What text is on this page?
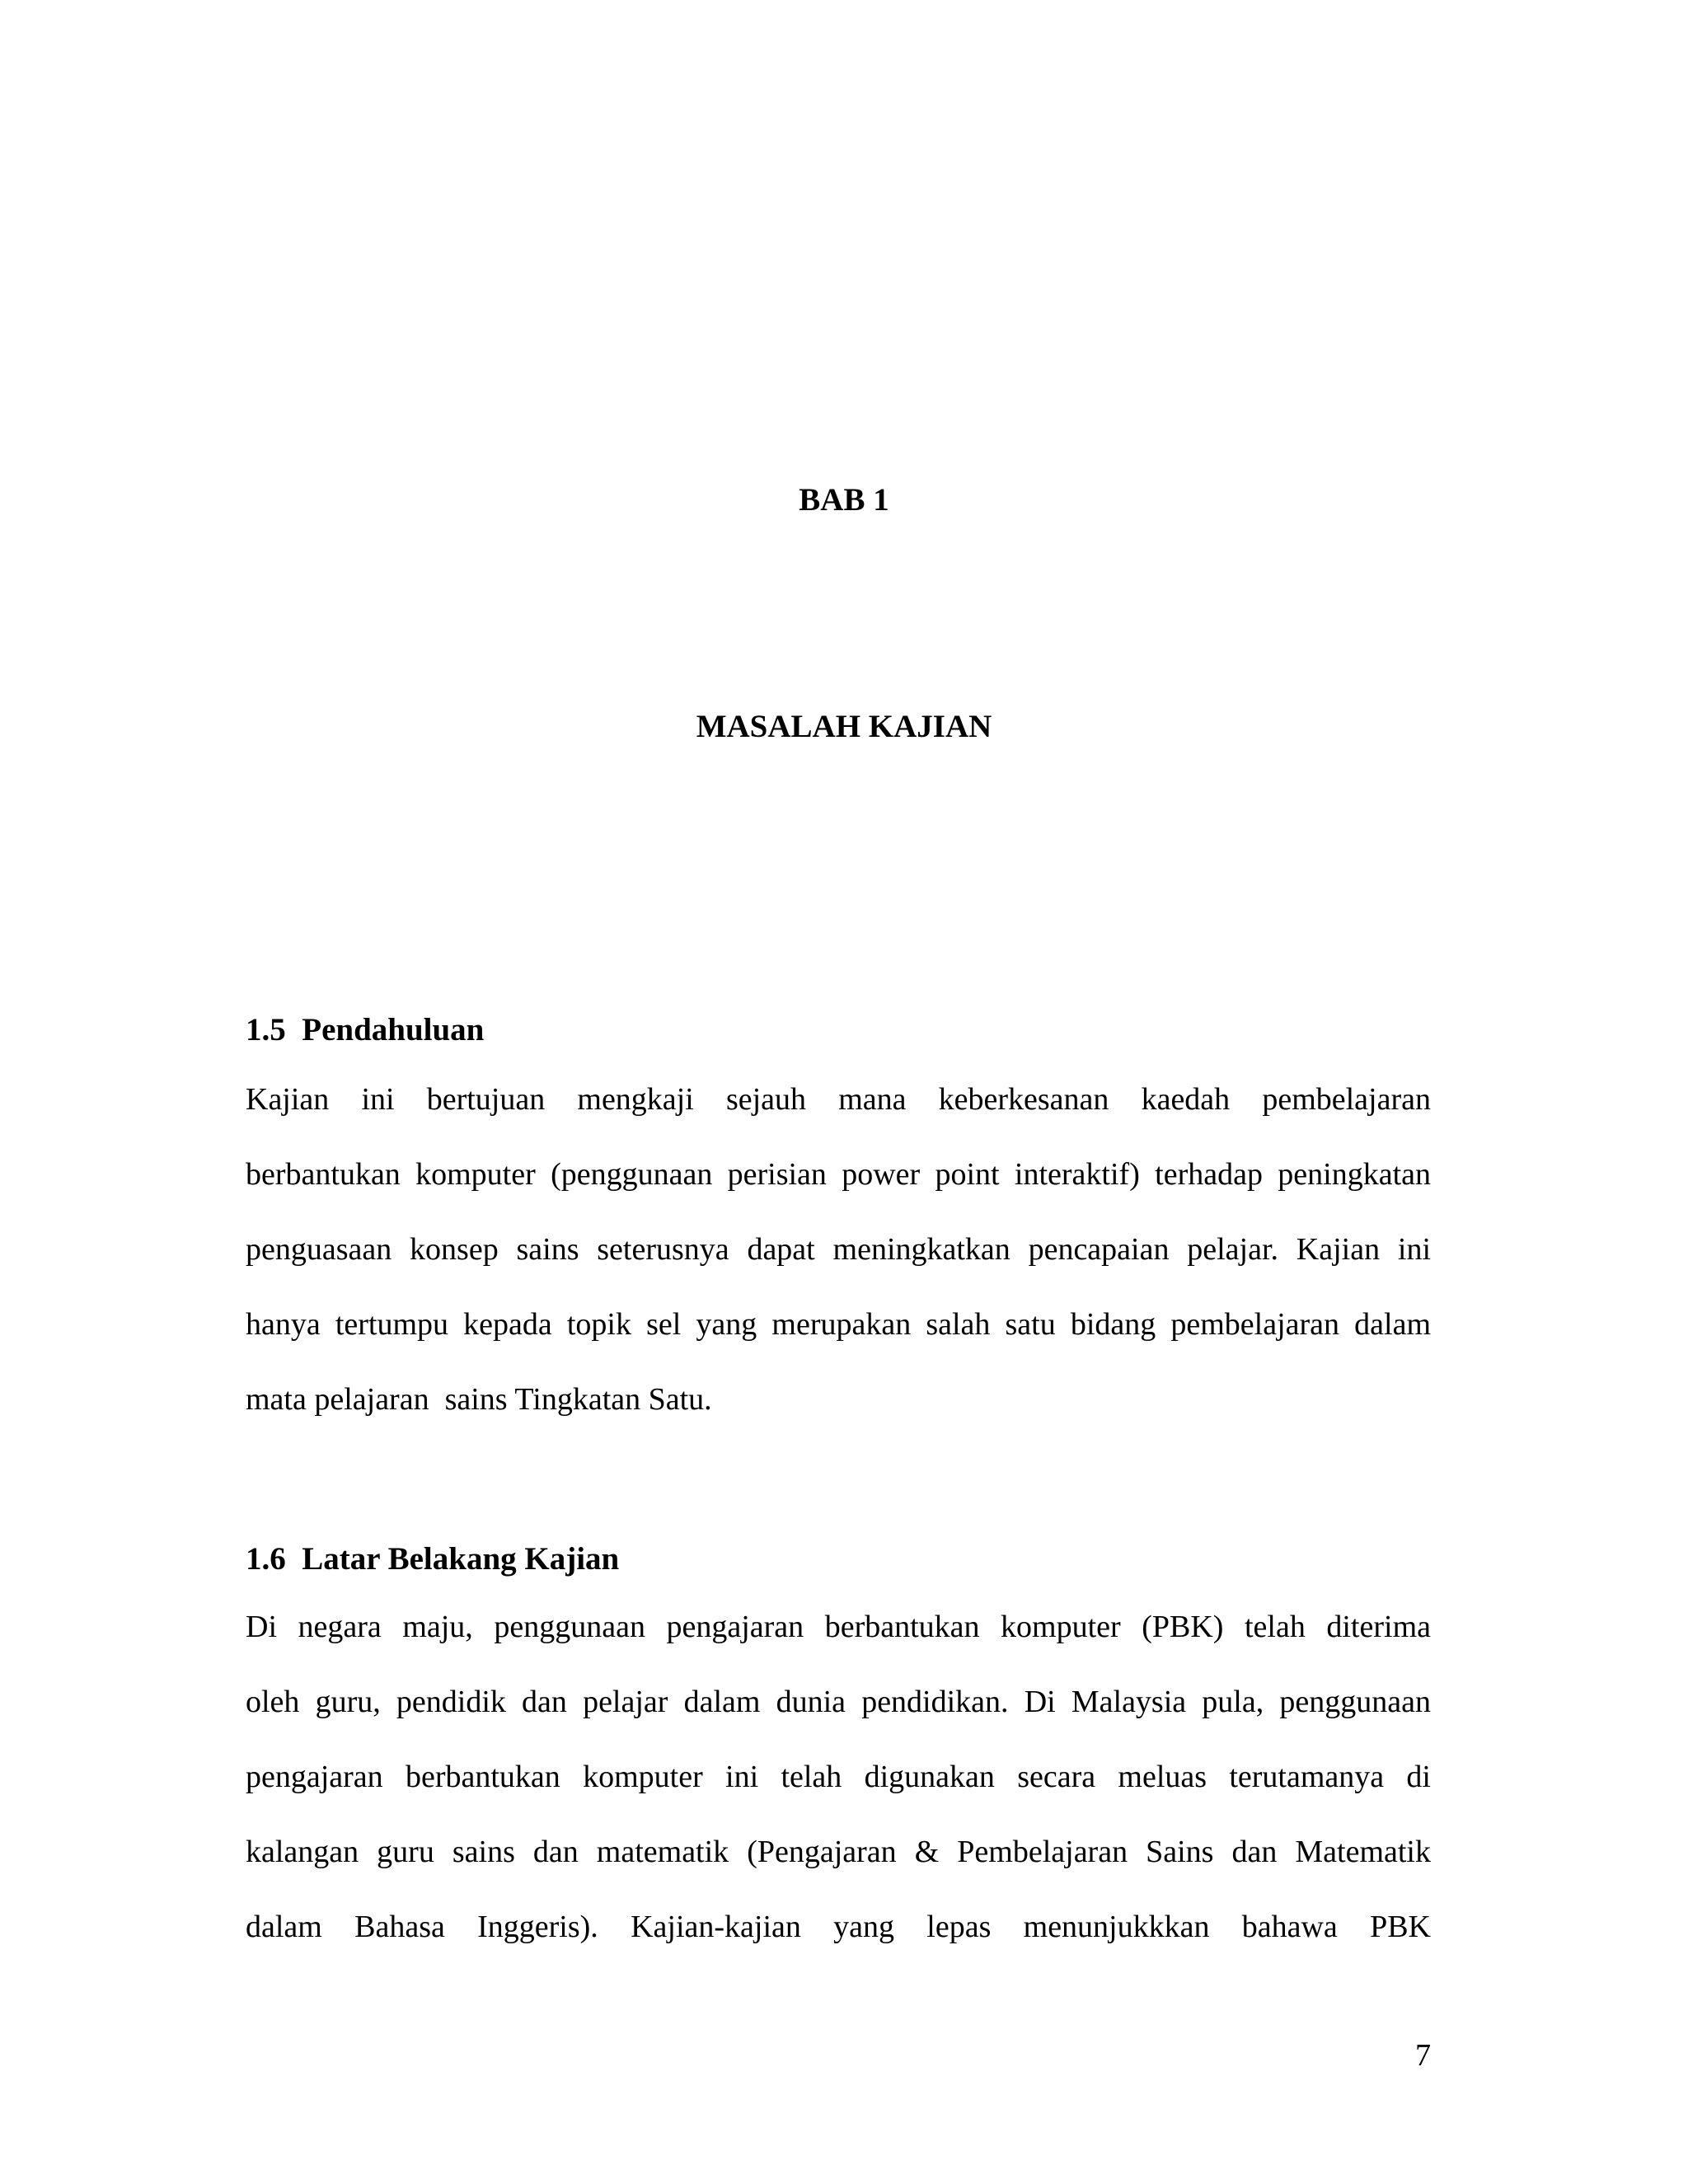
BAB 1
MASALAH KAJIAN
1.5  Pendahuluan

Kajian ini bertujuan mengkaji sejauh mana keberkesanan kaedah pembelajaran

berbantukan komputer (penggunaan perisian power point interaktif) terhadap peningkatan

penguasaan konsep sains seterusnya dapat meningkatkan pencapaian pelajar. Kajian ini

hanya tertumpu kepada topik sel yang merupakan salah satu bidang pembelajaran dalam

mata pelajaran  sains Tingkatan Satu.

1.6  Latar Belakang Kajian

Di negara maju, penggunaan pengajaran berbantukan komputer (PBK) telah diterima

oleh guru, pendidik dan pelajar dalam dunia pendidikan. Di Malaysia pula, penggunaan

pengajaran berbantukan komputer ini telah digunakan secara meluas terutamanya di

kalangan guru sains dan matematik (Pengajaran & Pembelajaran Sains dan Matematik

dalam Bahasa Inggeris). Kajian-kajian yang lepas menunjukkkan bahawa PBK

7
